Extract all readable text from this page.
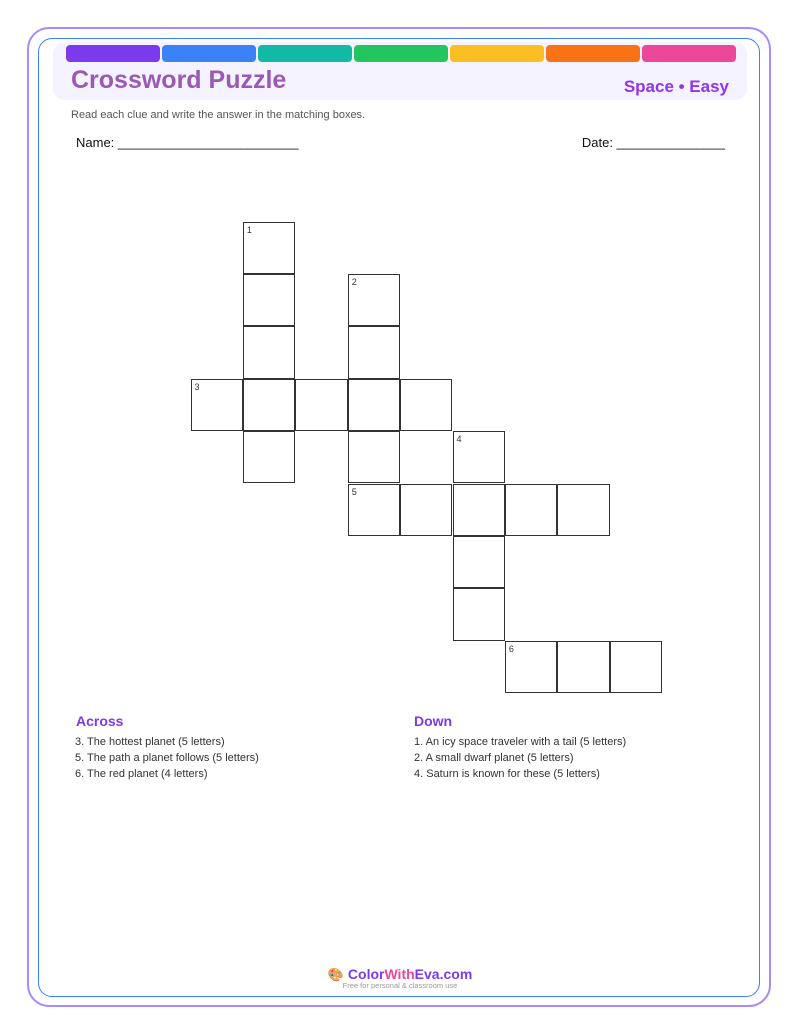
Crossword Puzzle	Space • Easy
Read each clue and write the answer in the matching boxes.
Name: _________________________	Date: _______________
1
2
3
4
5
6
Across
3. The hottest planet (5 letters)
5. The path a planet follows (5 letters)
6. The red planet (4 letters)
Down
1. An icy space traveler with a tail (5 letters)
2. A small dwarf planet (5 letters)
4. Saturn is known for these (5 letters)
🎨 ColorWithEva.com
Free for personal & classroom use
